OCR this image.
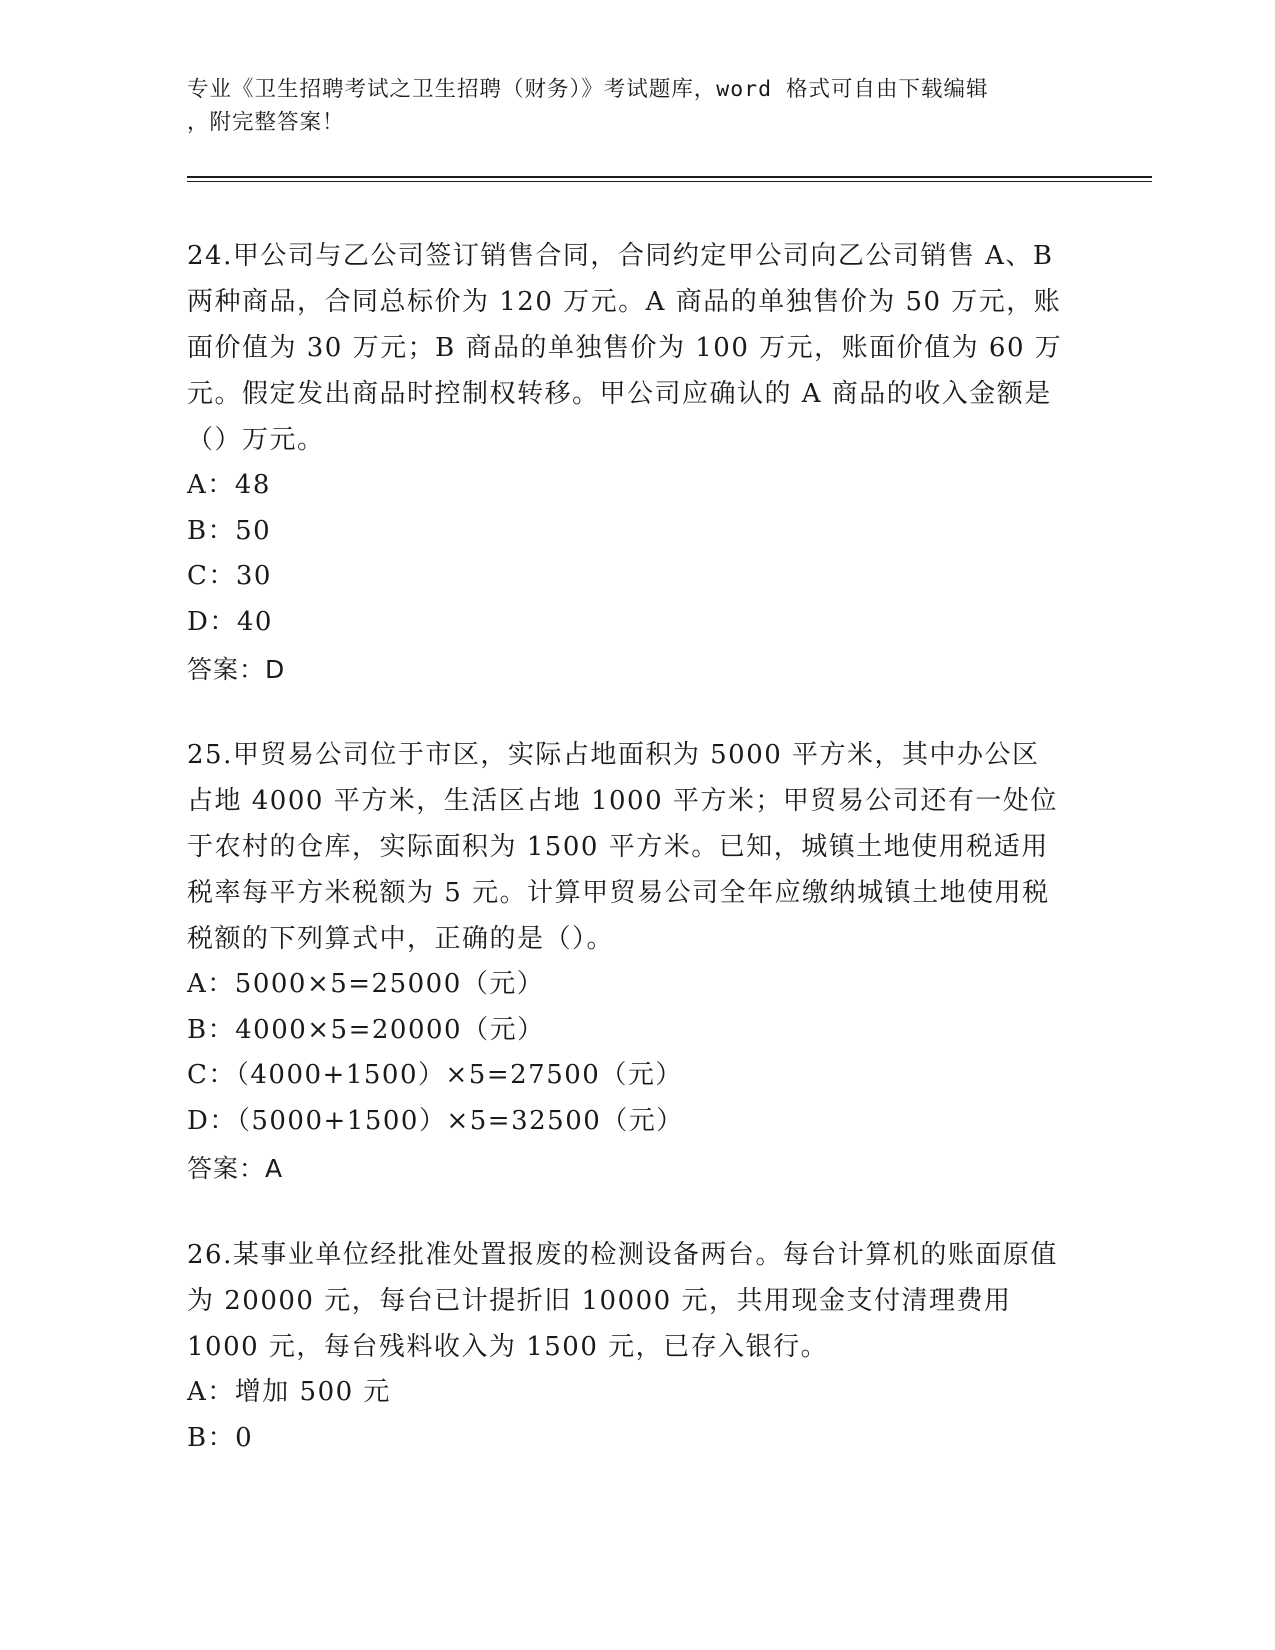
专业《卫生招聘考试之卫生招聘（财务）》考试题库，word 格式可自由下载编辑
，附完整答案！

24.甲公司与乙公司签订销售合同，合同约定甲公司向乙公司销售 A、B 两种商品，合同总标价为 120 万元。A 商品的单独售价为 50 万元，账面价值为 30 万元；B 商品的单独售价为 100 万元，账面价值为 60 万元。假定发出商品时控制权转移。甲公司应确认的 A 商品的收入金额是（）万元。

A：48

B：50

C：30

D：40

答案：D

25.甲贸易公司位于市区，实际占地面积为 5000 平方米，其中办公区占地 4000 平方米，生活区占地 1000 平方米；甲贸易公司还有一处位于农村的仓库，实际面积为 1500 平方米。已知，城镇土地使用税适用税率每平方米税额为 5 元。计算甲贸易公司全年应缴纳城镇土地使用税税额的下列算式中，正确的是（）。

A：5000×5=25000（元）

B：4000×5=20000（元）

C：（4000+1500）×5=27500（元）

D：（5000+1500）×5=32500（元）

答案：A

26.某事业单位经批准处置报废的检测设备两台。每台计算机的账面原值为 20000 元，每台已计提折旧 10000 元，共用现金支付清理费用 1000 元，每台残料收入为 1500 元，已存入银行。

A：增加 500 元

B：0
